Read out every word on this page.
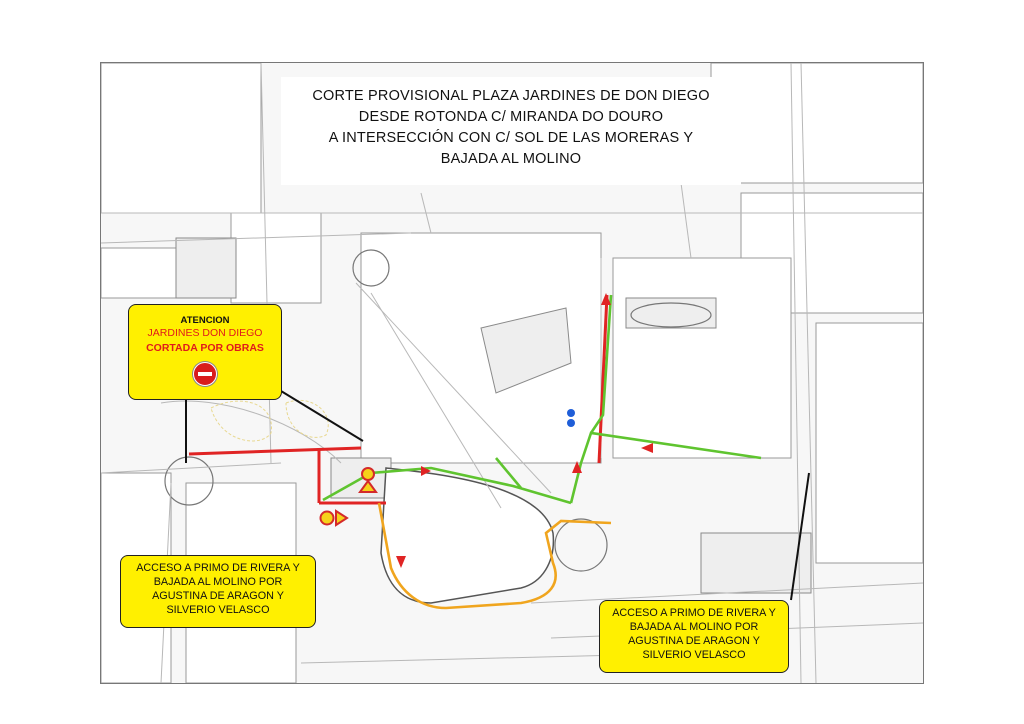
CORTE PROVISIONAL PLAZA JARDINES DE DON DIEGO
DESDE ROTONDA C/ MIRANDA DO DOURO
A INTERSECCIÓN CON C/ SOL DE LAS MORERAS Y
BAJADA AL MOLINO
ATENCION
JARDINES DON DIEGO
CORTADA POR OBRAS
ACCESO A PRIMO DE RIVERA Y
BAJADA AL MOLINO POR
AGUSTINA DE ARAGON Y
SILVERIO VELASCO	ACCESO A PRIMO DE RIVERA Y
BAJADA AL MOLINO POR
AGUSTINA DE ARAGON Y
SILVERIO VELASCO
